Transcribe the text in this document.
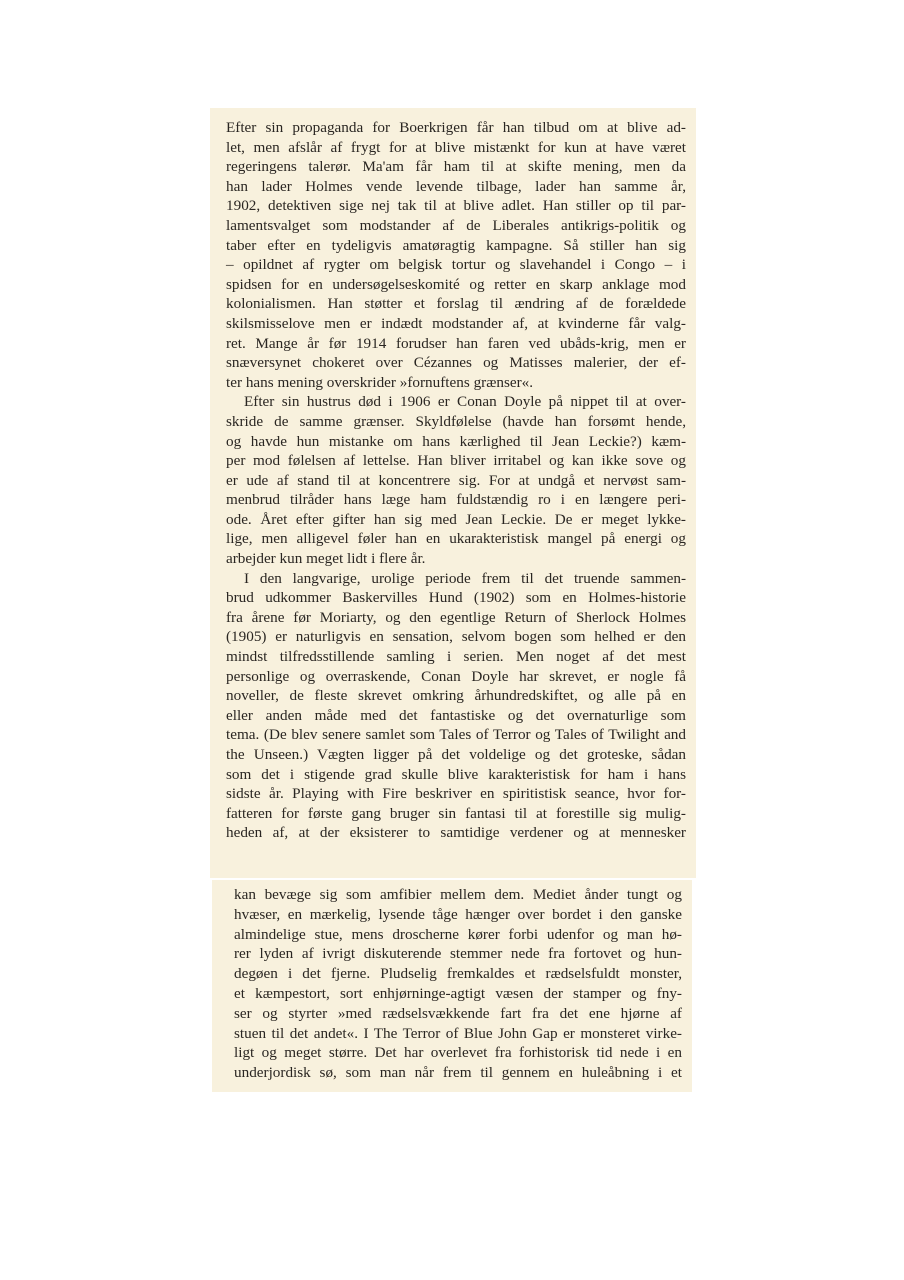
Efter sin propaganda for Boerkrigen får han tilbud om at blive ad-
let, men afslår af frygt for at blive mistænkt for kun at have været
regeringens talerør. Ma'am får ham til at skifte mening, men da
han lader Holmes vende levende tilbage, lader han samme år,
1902, detektiven sige nej tak til at blive adlet. Han stiller op til par-
lamentsvalget som modstander af de Liberales antikrigs-politik og
taber efter en tydeligvis amatøragtig kampagne. Så stiller han sig
– opildnet af rygter om belgisk tortur og slavehandel i Congo – i
spidsen for en undersøgelseskomité og retter en skarp anklage mod
kolonialismen. Han støtter et forslag til ændring af de forældede
skilsmisselove men er indædt modstander af, at kvinderne får valg-
ret. Mange år før 1914 forudser han faren ved ubåds-krig, men er
snæversynet chokeret over Cézannes og Matisses malerier, der ef-
ter hans mening overskrider »fornuftens grænser«.
Efter sin hustrus død i 1906 er Conan Doyle på nippet til at over-
skride de samme grænser. Skyldfølelse (havde han forsømt hende,
og havde hun mistanke om hans kærlighed til Jean Leckie?) kæm-
per mod følelsen af lettelse. Han bliver irritabel og kan ikke sove og
er ude af stand til at koncentrere sig. For at undgå et nervøst sam-
menbrud tilråder hans læge ham fuldstændig ro i en længere peri-
ode. Året efter gifter han sig med Jean Leckie. De er meget lykke-
lige, men alligevel føler han en ukarakteristisk mangel på energi og
arbejder kun meget lidt i flere år.
I den langvarige, urolige periode frem til det truende sammen-
brud udkommer Baskervilles Hund (1902) som en Holmes-historie
fra årene før Moriarty, og den egentlige Return of Sherlock Holmes
(1905) er naturligvis en sensation, selvom bogen som helhed er den
mindst tilfredsstillende samling i serien. Men noget af det mest
personlige og overraskende, Conan Doyle har skrevet, er nogle få
noveller, de fleste skrevet omkring århundredskiftet, og alle på en
eller anden måde med det fantastiske og det overnaturlige som
tema. (De blev senere samlet som Tales of Terror og Tales of Twilight and
the Unseen.) Vægten ligger på det voldelige og det groteske, sådan
som det i stigende grad skulle blive karakteristisk for ham i hans
sidste år. Playing with Fire beskriver en spiritistisk seance, hvor for-
fatteren for første gang bruger sin fantasi til at forestille sig mulig-
heden af, at der eksisterer to samtidige verdener og at mennesker
kan bevæge sig som amfibier mellem dem. Mediet ånder tungt og
hvæser, en mærkelig, lysende tåge hænger over bordet i den ganske
almindelige stue, mens droscherne kører forbi udenfor og man hø-
rer lyden af ivrigt diskuterende stemmer nede fra fortovet og hun-
degøen i det fjerne. Pludselig fremkaldes et rædselsfuldt monster,
et kæmpestort, sort enhjørninge-agtigt væsen der stamper og fny-
ser og styrter »med rædselsvækkende fart fra det ene hjørne af
stuen til det andet«. I The Terror of Blue John Gap er monsteret virke-
ligt og meget større. Det har overlevet fra forhistorisk tid nede i en
underjordisk sø, som man når frem til gennem en huleåbning i et
